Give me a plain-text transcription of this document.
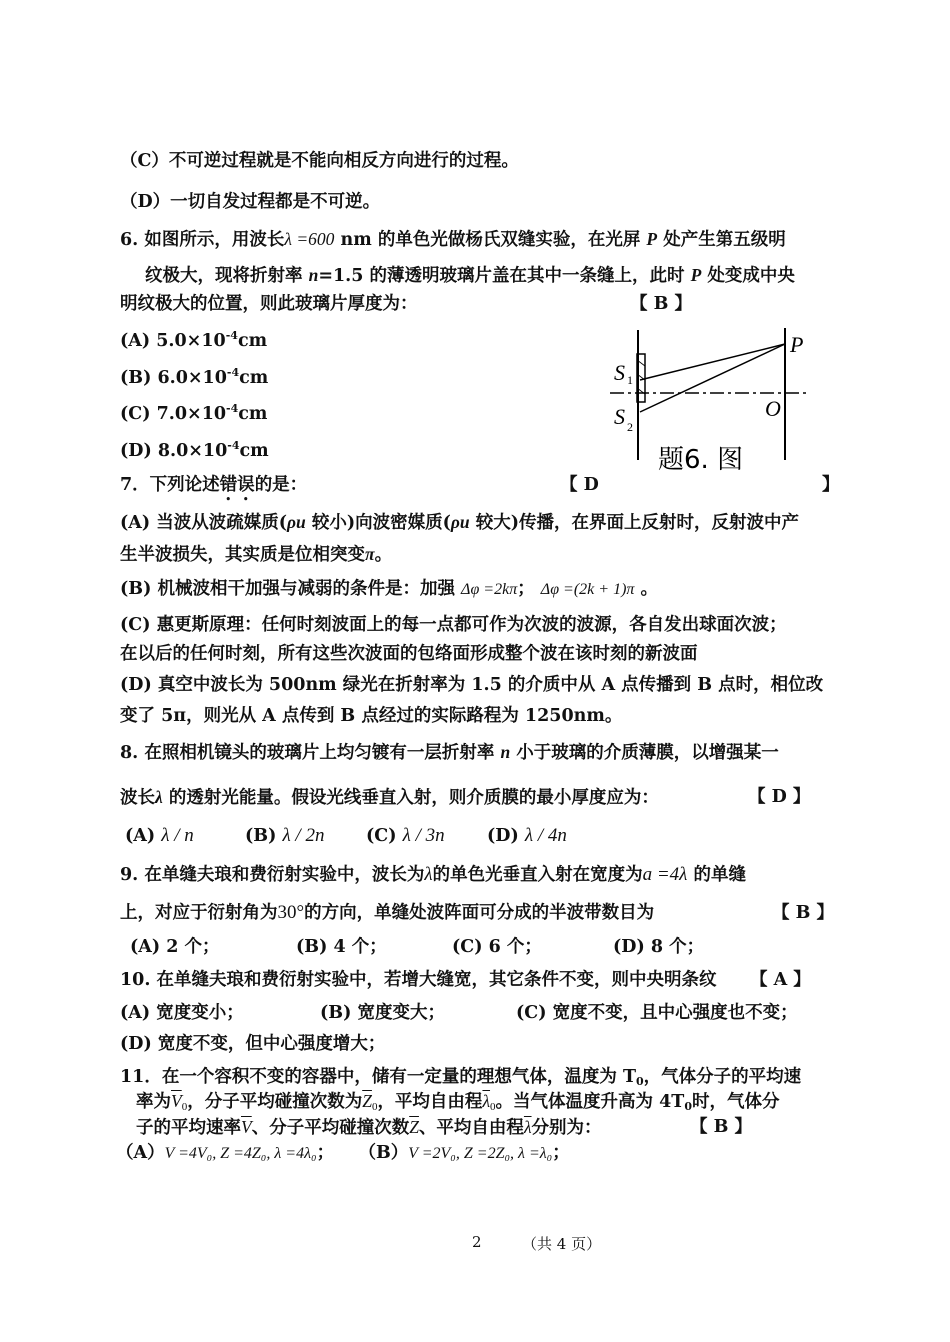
（C）不可逆过程就是不能向相反方向进行的过程。
（D）一切自发过程都是不可逆。
6. 如图所示，用波长λ =600 nm 的单色光做杨氏双缝实验，在光屏 P 处产生第五级明
纹极大，现将折射率 n=1.5 的薄透明玻璃片盖在其中一条缝上，此时 P 处变成中央
明纹极大的位置，则此玻璃片厚度为：	【 B 】
(A) $5.0\times 10^{-4}cm$
(B) $6.0\times 10^{-4}cm$
(C) $7.0\times 10^{-4}cm$
(D) $8.0\times 10^{-4}cm$
P
O
S 1
S 2
题6. 图
7．下列论述错误的是：	【 D	】
(A) 当波从波疏媒质(ρu 较小)向波密媒质(ρu 较大)传播，在界面上反射时，反射波中产
生半波损失，其实质是位相突变π。
(B) 机械波相干加强与减弱的条件是：加强 Δφ =2kπ； Δφ =(2k + 1)π 。
(C) 惠更斯原理：任何时刻波面上的每一点都可作为次波的波源，各自发出球面次波；
在以后的任何时刻，所有这些次波面的包络面形成整个波在该时刻的新波面
(D) 真空中波长为 500nm 绿光在折射率为 1.5 的介质中从 A 点传播到 B 点时，相位改
变了 5π，则光从 A 点传到 B 点经过的实际路程为 1250nm。
8. 在照相机镜头的玻璃片上均匀镀有一层折射率 n 小于玻璃的介质薄膜，以增强某一
波长λ 的透射光能量。假设光线垂直入射，则介质膜的最小厚度应为：	【 D 】
(A) λ / n	(B) λ / 2n (C) λ / 3n (D) λ / 4n
9. 在单缝夫琅和费衍射实验中，波长为λ的单色光垂直入射在宽度为a =4λ 的单缝
上，对应于衍射角为30°的方向，单缝处波阵面可分成的半波带数目为	【 B 】
(A) 2 个；	(B) 4 个；	(C) 6 个；	(D) 8 个；
10. 在单缝夫琅和费衍射实验中，若增大缝宽，其它条件不变，则中央明条纹 【 A 】
(A) 宽度变小；	(B) 宽度变大；	(C) 宽度不变，且中心强度也不变；
(D) 宽度不变，但中心强度增大；
11．在一个容积不变的容器中，储有一定量的理想气体，温度为 $T_0$，气体分子的平均速
率为$\overline{V}_0$，分子平均碰撞次数为$\overline{Z}_0$，平均自由程$\overline{\lambda}_0$。当气体温度升高为 $4T_0$时，气体分
子的平均速率$\overline{V}$、分子平均碰撞次数$\overline{Z}$、平均自由程$\overline{\lambda}$分别为：	【 B 】
（A）V =4V₀, Z =4Z₀, λ =4λ₀； （B）V =2V₀, Z =2Z₀, λ =λ₀；
2	（共 4 页）
